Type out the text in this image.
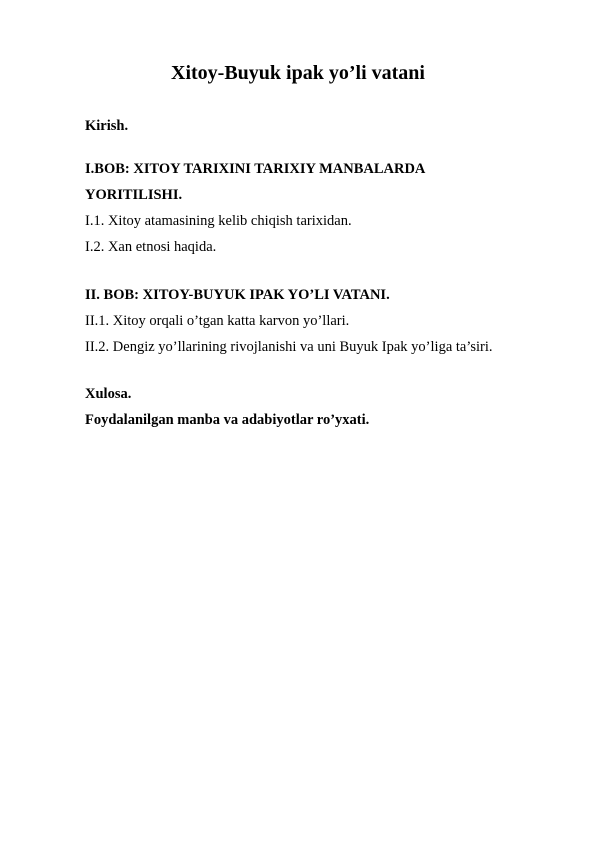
Xitoy-Buyuk ipak yo’li vatani
Kirish.
I.BOB: XITOY TARIXINI TARIXIY MANBALARDA
YORITILISHI.
I.1. Xitoy atamasining kelib chiqish tarixidan.
I.2. Xan etnosi haqida.
II. BOB: XITOY-BUYUK IPAK YO’LI VATANI.
II.1. Xitoy orqali o’tgan katta karvon yo’llari.
II.2. Dengiz yo’llarining rivojlanishi va uni Buyuk Ipak yo’liga ta’siri.
Xulosa.
Foydalanilgan manba va adabiyotlar ro’yxati.
